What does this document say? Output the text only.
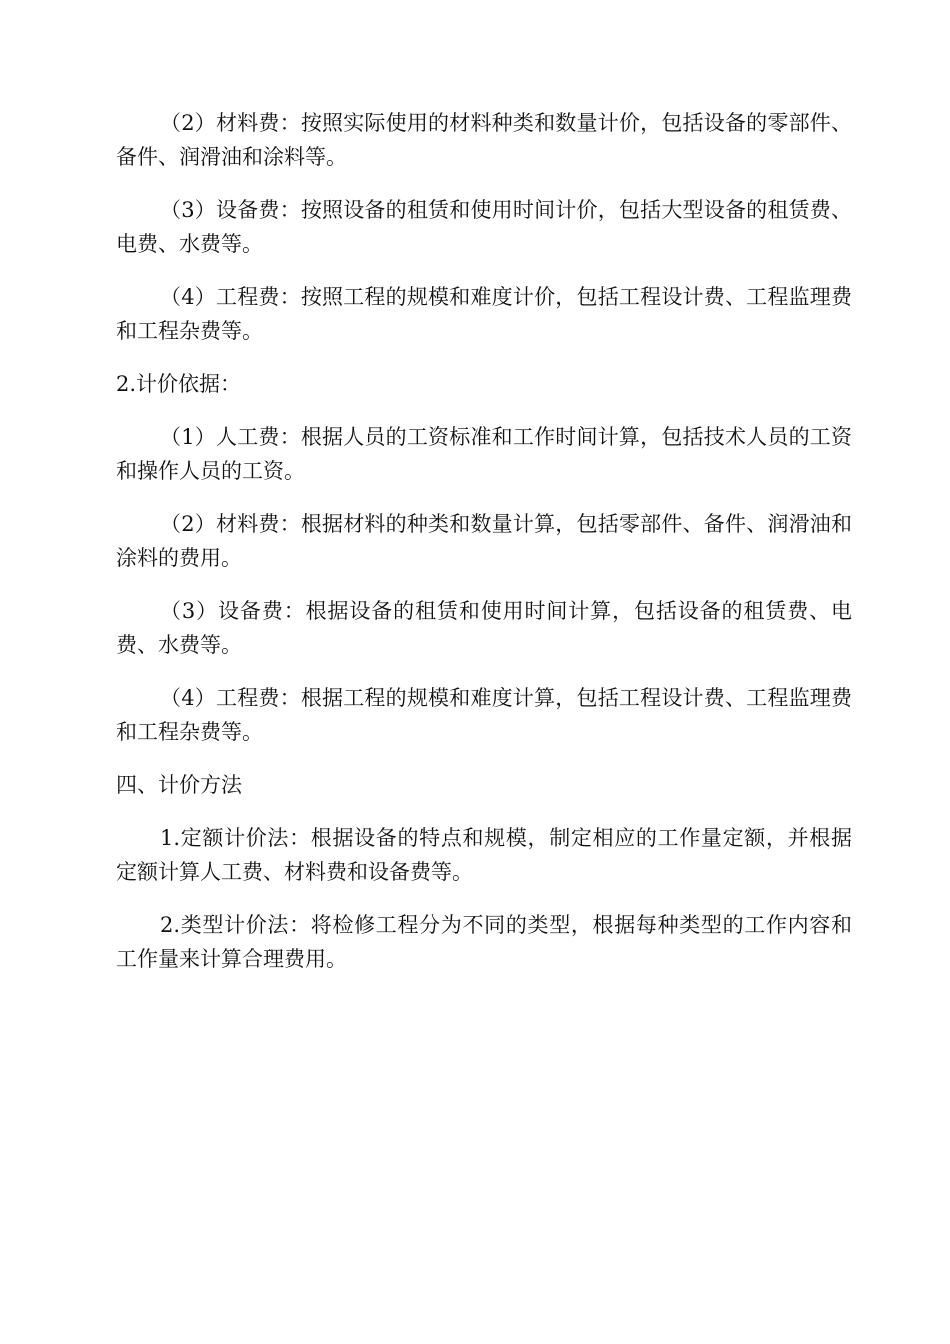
（2）材料费：按照实际使用的材料种类和数量计价，包括设备的零部件、备件、润滑油和涂料等。

（3）设备费：按照设备的租赁和使用时间计价，包括大型设备的租赁费、电费、水费等。

（4）工程费：按照工程的规模和难度计价，包括工程设计费、工程监理费和工程杂费等。

2.计价依据：

（1）人工费：根据人员的工资标准和工作时间计算，包括技术人员的工资和操作人员的工资。

（2）材料费：根据材料的种类和数量计算，包括零部件、备件、润滑油和涂料的费用。

（3）设备费：根据设备的租赁和使用时间计算，包括设备的租赁费、电费、水费等。

（4）工程费：根据工程的规模和难度计算，包括工程设计费、工程监理费和工程杂费等。

四、计价方法

1.定额计价法：根据设备的特点和规模，制定相应的工作量定额，并根据定额计算人工费、材料费和设备费等。

2.类型计价法：将检修工程分为不同的类型，根据每种类型的工作内容和工作量来计算合理费用。
